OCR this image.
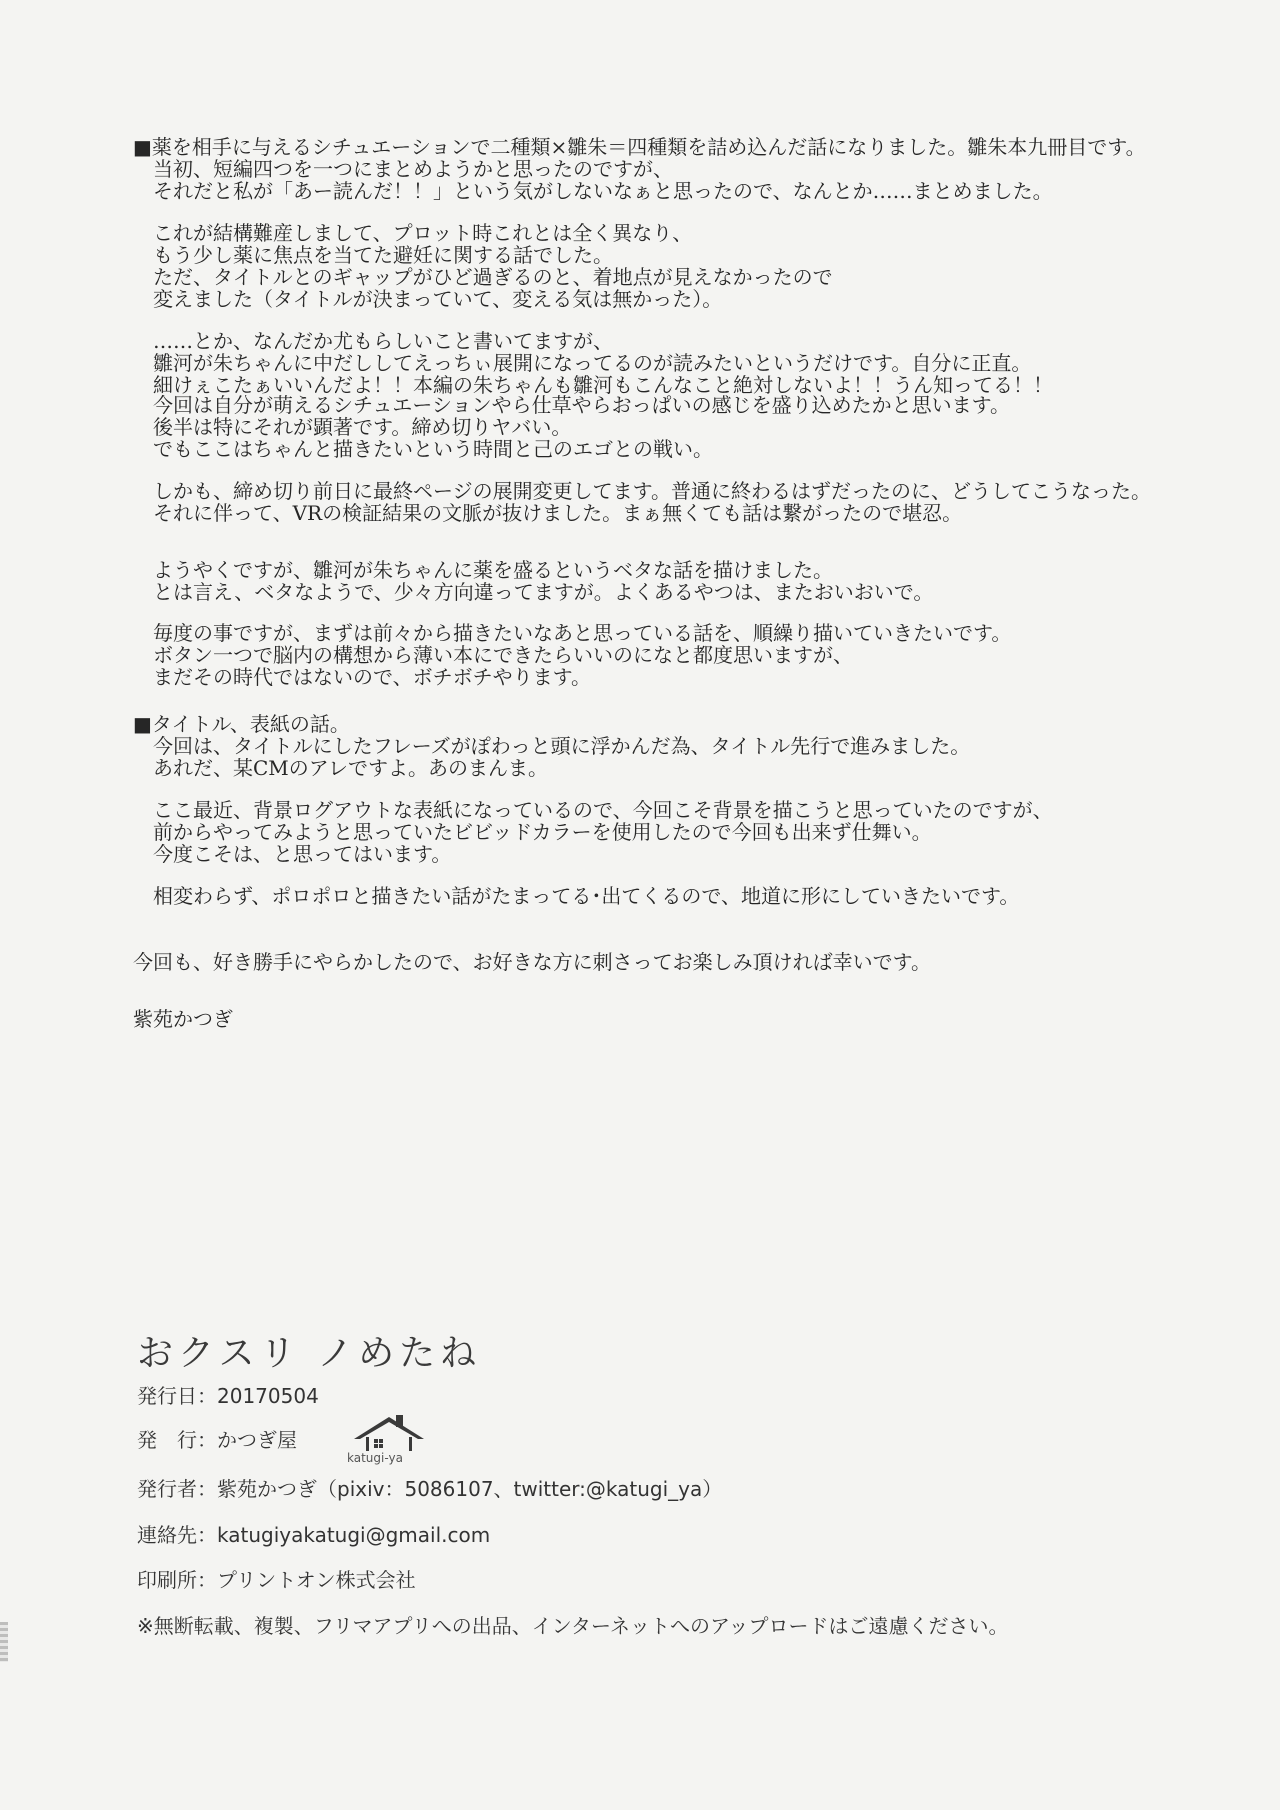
■薬を相手に与えるシチュエーションで二種類×雛朱＝四種類を詰め込んだ話になりました。雛朱本九冊目です。
当初、短編四つを一つにまとめようかと思ったのですが、
それだと私が「あー読んだ！！」という気がしないなぁと思ったので、なんとか……まとめました。
これが結構難産しまして、プロット時これとは全く異なり、
もう少し薬に焦点を当てた避妊に関する話でした。
ただ、タイトルとのギャップがひど過ぎるのと、着地点が見えなかったので
変えました（タイトルが決まっていて、変える気は無かった）。
……とか、なんだか尤もらしいこと書いてますが、
雛河が朱ちゃんに中だししてえっちぃ展開になってるのが読みたいというだけです。自分に正直。
細けぇこたぁいいんだよ！！本編の朱ちゃんも雛河もこんなこと絶対しないよ！！うん知ってる！！
今回は自分が萌えるシチュエーションやら仕草やらおっぱいの感じを盛り込めたかと思います。
後半は特にそれが顕著です。締め切りヤバい。
でもここはちゃんと描きたいという時間と己のエゴとの戦い。
しかも、締め切り前日に最終ページの展開変更してます。普通に終わるはずだったのに、どうしてこうなった。
それに伴って、VRの検証結果の文脈が抜けました。まぁ無くても話は繋がったので堪忍。
ようやくですが、雛河が朱ちゃんに薬を盛るというベタな話を描けました。
とは言え、ベタなようで、少々方向違ってますが。よくあるやつは、またおいおいで。
毎度の事ですが、まずは前々から描きたいなあと思っている話を、順繰り描いていきたいです。
ボタン一つで脳内の構想から薄い本にできたらいいのになと都度思いますが、
まだその時代ではないので、ボチボチやります。
■タイトル、表紙の話。
今回は、タイトルにしたフレーズがぽわっと頭に浮かんだ為、タイトル先行で進みました。
あれだ、某CMのアレですよ。あのまんま。
ここ最近、背景ログアウトな表紙になっているので、今回こそ背景を描こうと思っていたのですが、
前からやってみようと思っていたビビッドカラーを使用したので今回も出来ず仕舞い。
今度こそは、と思ってはいます。
相変わらず、ポロポロと描きたい話がたまってる･出てくるので、地道に形にしていきたいです。
今回も、好き勝手にやらかしたので、お好きな方に刺さってお楽しみ頂ければ幸いです。
紫苑かつぎ
おクスリ ノめたね
発行日：20170504
発　行：かつぎ屋
katugi-ya
発行者：紫苑かつぎ（pixiv：5086107、twitter:@katugi_ya）
連絡先：katugiyakatugi@gmail.com
印刷所：プリントオン株式会社
※無断転載、複製、フリマアプリへの出品、インターネットへのアップロードはご遠慮ください。
